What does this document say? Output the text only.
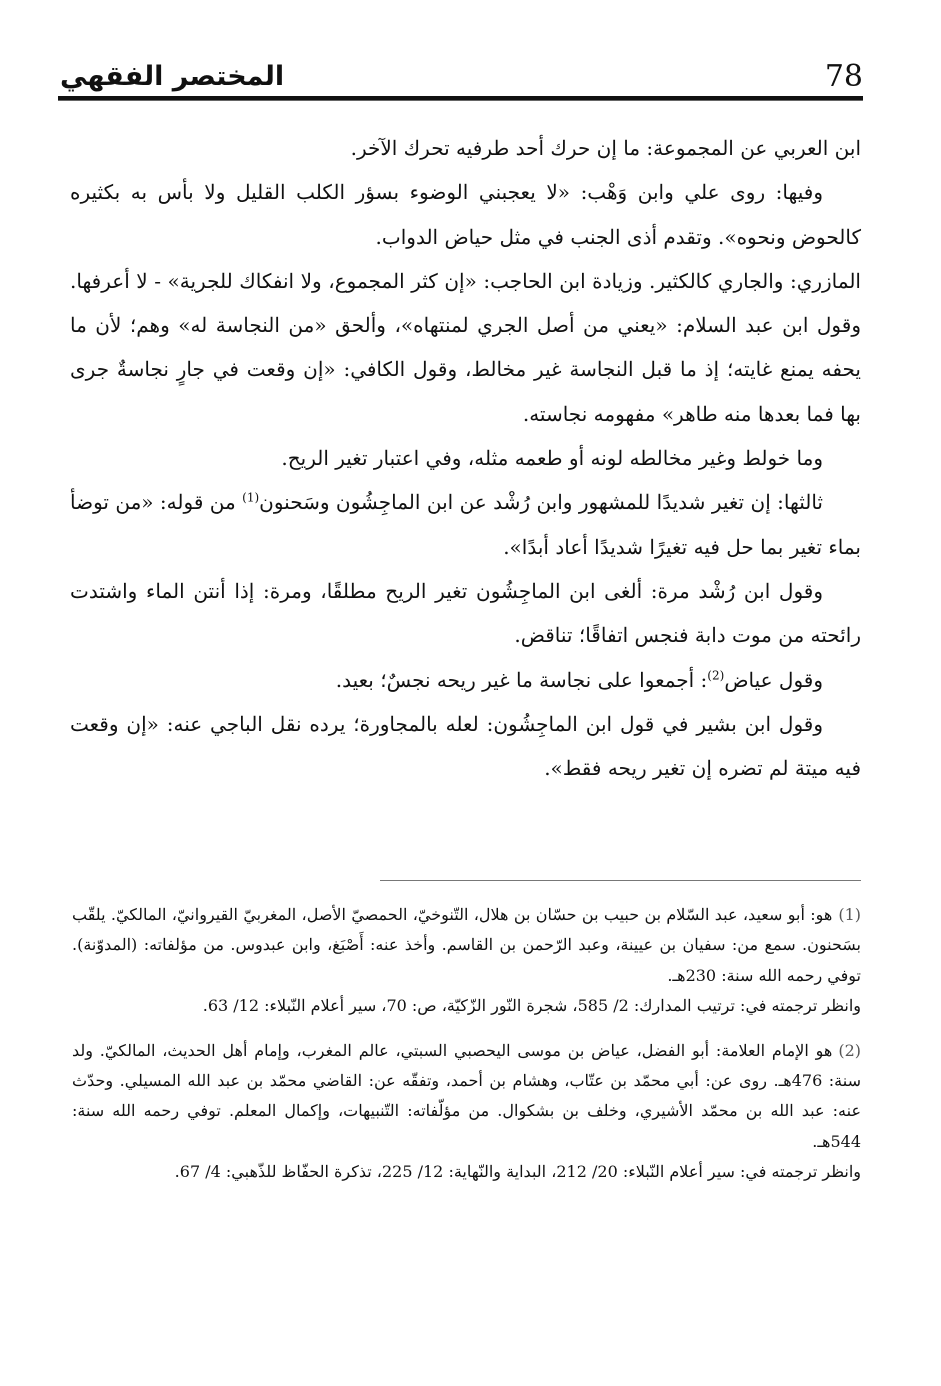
المختصر الفقهي	78

ابن العربي عن المجموعة: ما إن حرك أحد طرفيه تحرك الآخر.

وفيها: روى علي وابن وَهْب: «لا يعجبني الوضوء بسؤر الكلب القليل ولا بأس به بكثيره كالحوض ونحوه». وتقدم أذى الجنب في مثل حياض الدواب.

المازري: والجاري كالكثير. وزيادة ابن الحاجب: «إن كثر المجموع، ولا انفكاك للجرية» - لا أعرفها. وقول ابن عبد السلام: «يعني من أصل الجري لمنتهاه»، وألحق «من النجاسة له» وهم؛ لأن ما يحفه يمنع غايته؛ إذ ما قبل النجاسة غير مخالط، وقول الكافي: «إن وقعت في جارٍ نجاسةٌ جرى بها فما بعدها منه طاهر» مفهومه نجاسته.

وما خولط وغير مخالطه لونه أو طعمه مثله، وفي اعتبار تغير الريح.

ثالثها: إن تغير شديدًا للمشهور وابن رُشْد عن ابن الماجِشُون وسَحنون$^{(1)}$ من قوله: «من توضأ بماء تغير بما حل فيه تغيرًا شديدًا أعاد أبدًا».

وقول ابن رُشْد مرة: ألغى ابن الماجِشُون تغير الريح مطلقًا، ومرة: إذا أنتن الماء واشتدت رائحته من موت دابة فنجس اتفاقًا؛ تناقض.

وقول عياض$^{(2)}$: أجمعوا على نجاسة ما غير ريحه نجسٌ؛ بعيد.

وقول ابن بشير في قول ابن الماجِشُون: لعله بالمجاورة؛ يرده نقل الباجي عنه: «إن وقعت فيه ميتة لم تضره إن تغير ريحه فقط».

(1)هو: أبو سعيد، عبد السّلام بن حبيب بن حسّان بن هلال، التّنوخيّ، الحمصيّ الأصل، المغربيّ القيروانيّ، المالكيّ. يلقّب بسَحنون. سمع من: سفيان بن عيينة، وعبد الرّحمن بن القاسم. وأخذ عنه: أَصْبَغ، وابن عبدوس. من مؤلفاته: (المدوّنة). توفي رحمه الله سنة: 230هـ.

وانظر ترجمته في: ترتيب المدارك: 2/ 585، شجرة النّور الزّكيّة، ص: 70، سير أعلام النّبلاء: 12/ 63.

(2)هو الإمام العلامة: أبو الفضل، عياض بن موسى اليحصبي السبتي، عالم المغرب، وإمام أهل الحديث، المالكيّ. ولد سنة: 476هـ. روى عن: أبي محمّد بن عتّاب، وهشام بن أحمد، وتفقّه عن: القاضي محمّد بن عبد الله المسيلي. وحدّث عنه: عبد الله بن محمّد الأشيري، وخلف بن بشكوال. من مؤلّفاته: التّنبيهات، وإكمال المعلم. توفي رحمه الله سنة: 544هـ.

وانظر ترجمته في: سير أعلام النّبلاء: 20/ 212، البداية والنّهاية: 12/ 225، تذكرة الحفّاظ للذّهبي: 4/ 67.
